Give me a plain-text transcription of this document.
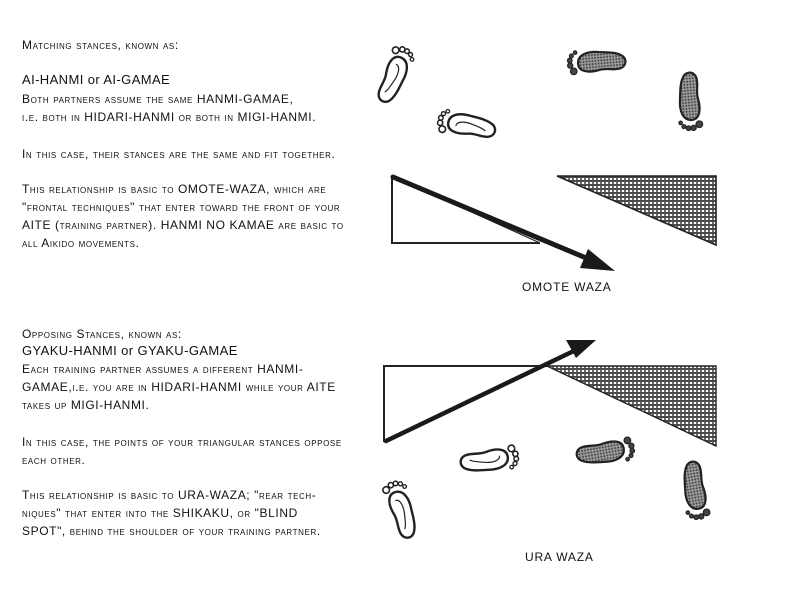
Matching stances, known as:
AI-HANMI or AI-GAMAE
Both partners assume the same HANMI-GAMAE,
i.e. both in HIDARI-HANMI or both in MIGI-HANMI.
In this case, their stances are the same and fit together.
This relationship is basic to OMOTE-WAZA, which are
"frontal techniques" that enter toward the front of your
AITE (training partner). HANMI NO KAMAE are basic to
all Aikido movements.
Opposing Stances, known as:
GYAKU-HANMI or GYAKU-GAMAE
Each training partner assumes a different HANMI-
GAMAE,i.e. you are in HIDARI-HANMI while your AITE
takes up MIGI-HANMI.
In this case, the points of your triangular stances oppose
each other.
This relationship is basic to URA-WAZA; "rear tech-
niques" that enter into the SHIKAKU, or "BLIND
SPOT", behind the shoulder of your training partner.
OMOTE WAZA
URA WAZA
